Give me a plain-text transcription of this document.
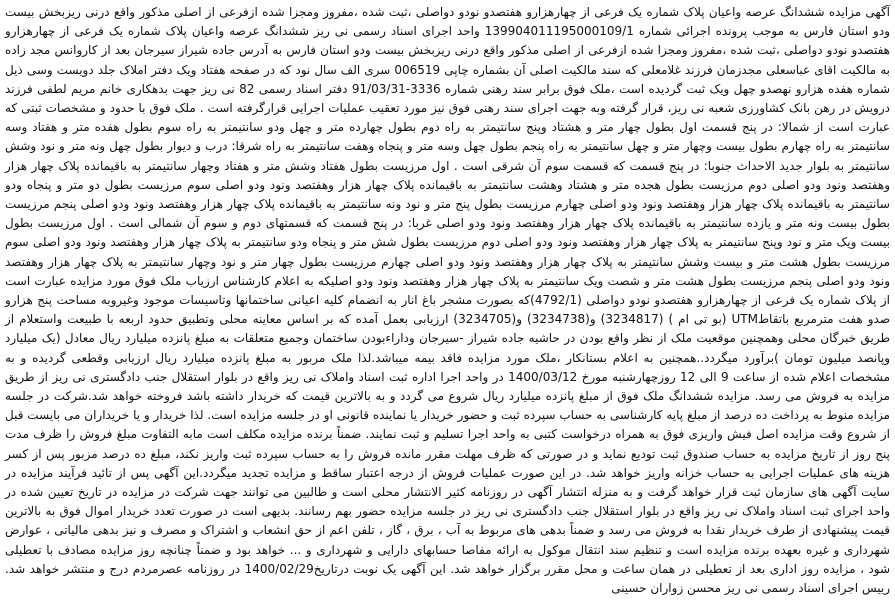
آگهی مزایده ششدانگ عرصه واعیان پلاک شماره یک فرعی از چهارهزارو هفتصدو نودو دواصلی ،ثبت شده ،مفروز ومجزا شده ازفرعی از اصلی مذکور واقع درنی ریزبخش بیست ودو استان فارس به موجب پرونده اجرائی شماره 139904011195000109/1 واحد اجرای اسناد رسمی نی ریز ششدانگ عرصه واعیان پلاک شماره یک فرعی از چهارهزارو هفتصدو نودو دواصلی ،ثبت شده ،مفروز ومجزا شده ازفرعی از اصلی مذکور واقع درنی ریزبخش بیست ودو استان فارس به آدرس جاده شیراز سیرجان بعد از کاروانس مجد زاده به مالکیت اقای عباسعلی مجدزمان فرزند غلامعلی که سند مالکیت اصلی آن بشماره چاپی 006519 سری الف سال نود که در صفحه هفتاد ویک دفتر املاک جلد دویست وسی ذیل شماره هفده هزارو نهصدو چهل ویک ثبت گردیده است ،ملک فوق برابر سند رهنی شماره 3336-91/03/31 دفتر اسناد رسمی 82 نی ریز جهت بدهکاری خانم مریم لطفی فرزند درویش در رهن بانک کشاورزی شعبه نی ریز، قرار گرفته وبه جهت اجرای سند رهنی فوق نیز مورد تعقیب عملیات اجرایی قرارگرفته است . ملک فوق با حدود و مشخصات ثبتی که عبارت است از شمالا: در پنج قسمت اول بطول چهار متر و هشتاد وپنج سانتیمتر به راه دوم بطول چهارده متر و چهل ودو سانتیمتر به راه سوم بطول هفده متر و هفتاد وسه سانتیمتر به راه چهارم بطول بیست وچهار متر و چهل سانتیمتر به راه پنجم بطول چهل وسه متر و پنجاه وهفت سانتیمتر به راه شرقا: درب و دیوار بطول چهل ونه متر و نود وشش سانتیمتر به بلوار جدید الاحداث جنوبا: در پنج قسمت که قسمت سوم آن شرقی است . اول مرزیست بطول هفتاد وشش متر و هفتاد وچهار سانتیمتر به باقیمانده پلاک چهار هزار وهفتصد ونود ودو اصلی دوم مرزیست بطول هجده متر و هشتاد وهشت سانتیمتر به باقیمانده پلاک چهار هزار وهفتصد ونود ودو اصلی سوم مرزیست بطول دو متر و پنجاه ودو سانتیمتر به باقیمانده پلاک چهار هزار وهفتصد ونود ودو اصلی چهارم مرزیست بطول پنج متر و نود ونه سانتیمتر به باقیمانده پلاک چهار هزار وهفتصد ونود ودو اصلی پنجم مرزیست بطول بیست ونه متر و یازده سانتیمتر به باقیمانده پلاک چهار هزار وهفتصد ونود ودو اصلی غربا: در پنج قسمت که قسمتهای دوم و سوم آن شمالی است . اول مرزیست بطول بیست ویک متر و نود وپنج سانتیمتر به پلاک چهار هزار وهفتصد ونود ودو اصلی دوم مرزیست بطول شش متر و پنجاه ودو سانتیمتر به پلاک چهار هزار وهفتصد ونود ودو اصلی سوم مرزیست بطول هشت متر و بیست وشش سانتیمتر به پلاک چهار هزار وهفتصد ونود ودو اصلی چهارم مرزیست بطول چهار متر و نود وچهار سانتیمتر به پلاک چهار هزار وهفتصد ونود ودو اصلی پنجم مرزیست بطول هشت متر و شصت ویک سانتیمتر به پلاک چهار هزار وهفتصد ونود ودو اصلیکه به اعلام کارشناس ارزیاب ملک فوق مورد مزایده عبارت است از پلاک شماره یک فرعی از چهارهزارو هفتصدو نودو دواصلی (4792/1)که بصورت مشجر باغ انار به انضمام کلیه اعیانی ساختمانها وتاسیسات موجود وغیروبه مساحت پنج هزارو صدو هفت مترمربع باتقاطUTM (بو تی ام ) (3234817) و(3234738) و(3234705) ارزیابی بعمل آمده که بر اساس معاینه محلی وتطبیق حدود اربعه با طبیعت واستعلام از طریق خبرگان محلی وهمچنین موقعیت ملک از نظر واقع بودن در حاشیه جاده شیراز -سیرجان وداراءبودن ساختمان وجمیع متعلقات به مبلغ پانزده میلیارد ریال معادل (یک میلیارد وپانصد میلیون تومان )برآورد میگردد..همچنین به اعلام بستانکار ،ملک مورد مزایده فاقد بیمه میباشد.لذا ملک مربور به مبلغ پانزده میلیارد ریال ارزیابی وقطعی گردیده و به مشخصات اعلام شده از ساعت 9 الی 12 روزچهارشنبه مورخ 1400/03/12 در واحد اجرا اداره ثبت اسناد واملاک نی ریز واقع در بلوار استقلال جنب دادگستری نی ریز از طریق مزایده به فروش می رسد. مزایده ششدانگ ملک فوق از مبلغ پانزده میلیارد ریال شروع می گردد و به بالاترین قیمت که خریدار داشته باشد فروخته خواهد شد.شرکت در جلسه مزایده منوط به پرداخت ده درصد از مبلغ پایه کارشناسی به حساب سپرده ثبت و حضور خریدار یا نماینده قانونی او در جلسه مزایده است. لذا خریدار و یا خریداران می بایست قبل از شروع وقت مزایده اصل فیش واریزی فوق به همراه درخواست کتبی به واحد اجرا تسلیم و ثبت نمایند. ضمناً برنده مزایده مکلف است مابه التفاوت مبلغ فروش را ظرف مدت پنج روز از تاریخ مزایده به حساب صندوق ثبت تودیع نماید و در صورتی که ظرف مهلت مقرر مانده فروش را به حساب سپرده ثبت واریز نکند، مبلغ ده درصد مزبور پس از کسر هزینه های عملیات اجرایی به حساب خزانه واریز خواهد شد. در این صورت عملیات فروش از درجه اعتبار ساقط و مزایده تجدید میگردد.این آگهی پس از تائید فرآیند مزایده در سایت آگهی های سازمان ثبت قرار خواهد گرفت و به منزله انتشار آگهی در روزنامه کثیر الانتشار محلی است و طالبین می توانند جهت شرکت در مزایده در تاریخ تعیین شده در واحد اجرای ثبت اسناد واملاک نی ریز واقع در بلوار استقلال جنب دادگستری نی ریز در جلسه مزایده حضور بهم رسانند. بدیهی است در صورت تعدد خریدار اموال فوق به بالاترین قیمت پیشنهادی از طرف خریدار نقدا به فروش می رسد و ضمناً بدهی های مربوط به آب ، برق ، گاز ، تلفن اعم از حق انشعاب و اشتراک و مصرف و نیز بدهی مالیاتی ، عوارض شهرداری و غیره بعهده برنده مزایده است و تنظیم سند انتقال موکول به ارائه مفاصا حسابهای دارایی و شهرداری و ... خواهد بود و ضمناً چنانچه روز مزایده مصادف با تعطیلی شود ، مزایده روز اداری بعد از تعطیلی در همان ساعت و محل مقرر برگزار خواهد شد. این آگهی یک نوبت درتاریخ1400/02/29 در روزنامه عصرمردم درج و منتشر خواهد شد. رییس اجرای اسناد رسمی نی ریز محسن زواران حسینی
